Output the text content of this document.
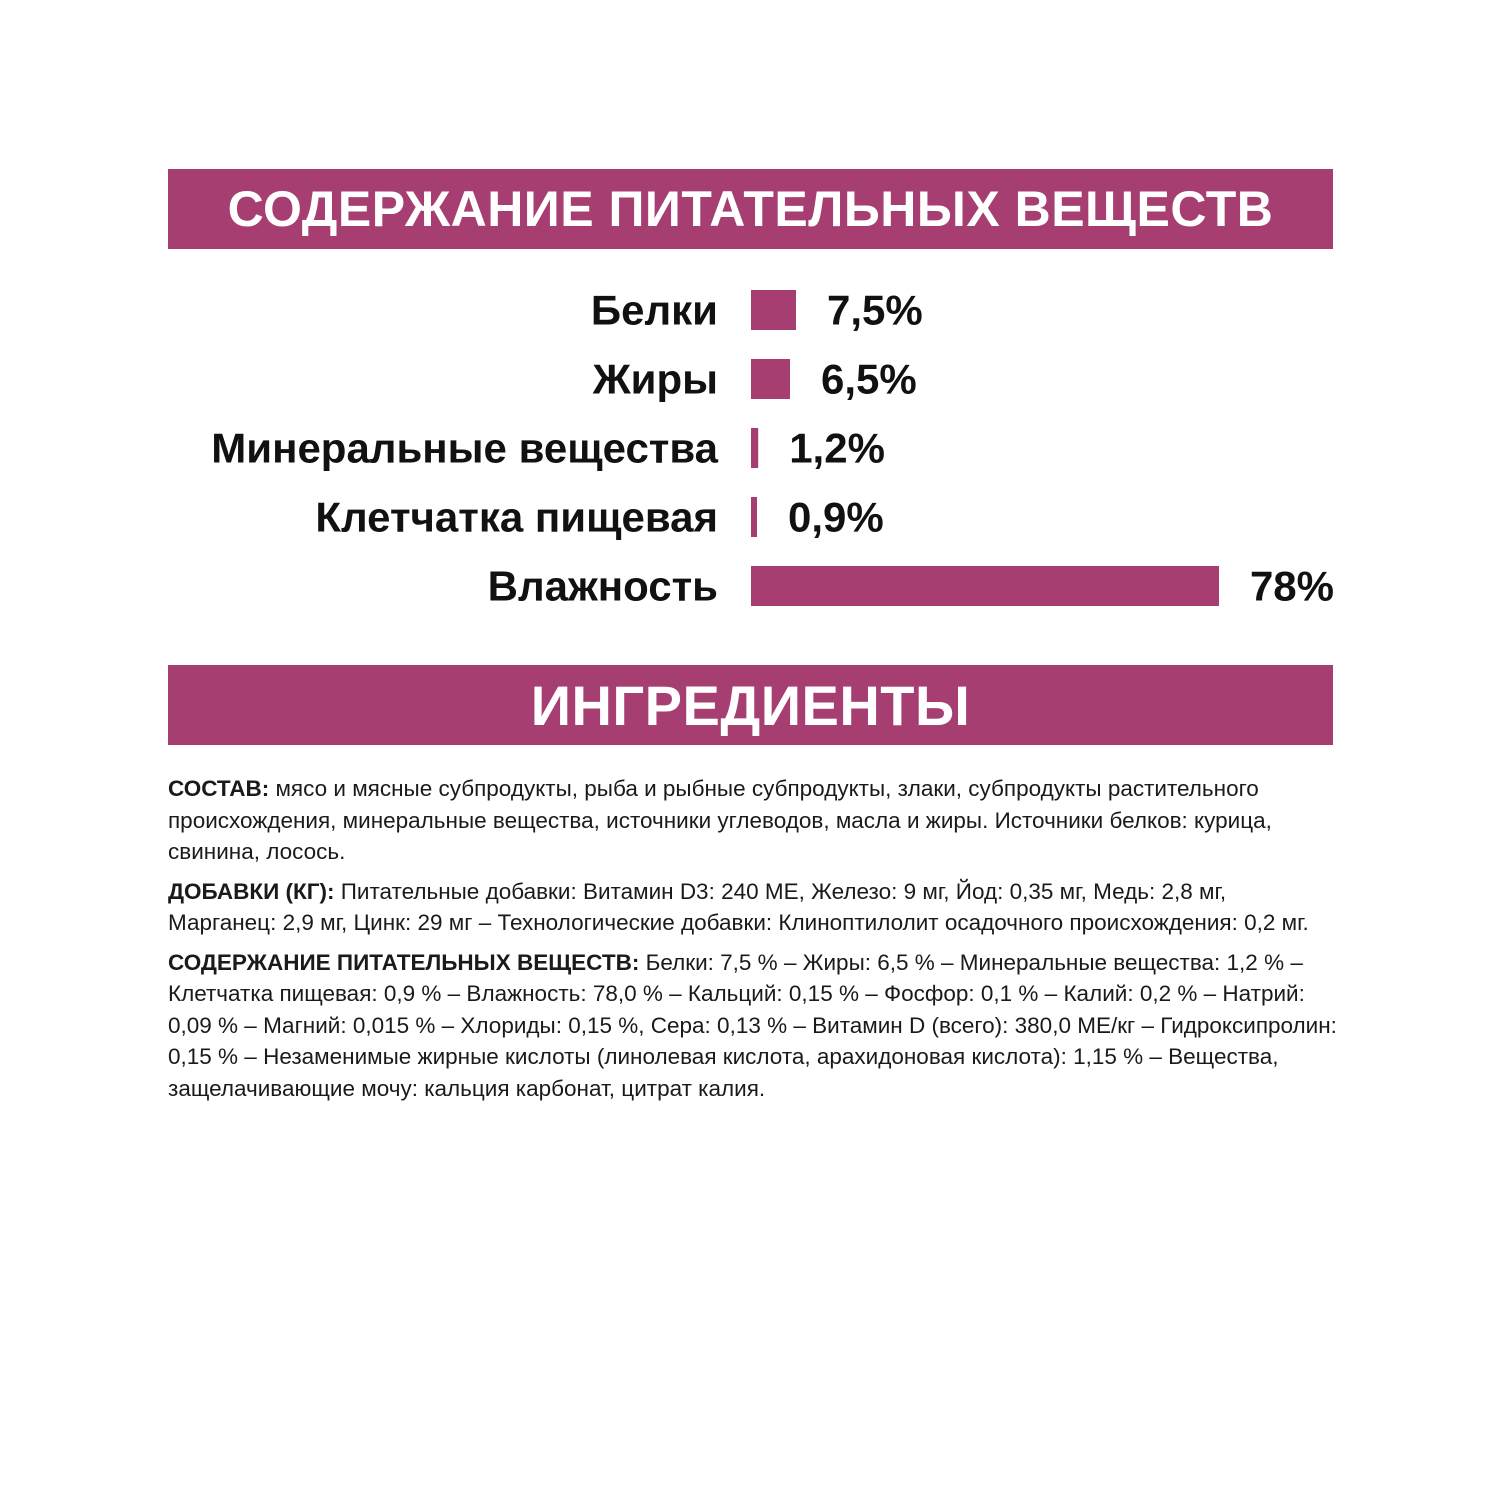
СОДЕРЖАНИЕ ПИТАТЕЛЬНЫХ ВЕЩЕСТВ
Белки	7,5%
Жиры 6,5%
Минеральные вещества 1,2%
Клетчатка пищевая 0,9%
Влажность	78%
ИНГРЕДИЕНТЫ

СОСТАВ: мясо и мясные субпродукты, рыба и рыбные субпродукты, злаки, субпродукты растительного происхождения, минеральные вещества, источники углеводов, масла и жиры. Источники белков: курица, свинина, лосось.

ДОБАВКИ (КГ): Питательные добавки: Витамин D3: 240 МЕ, Железо: 9 мг, Йод: 0,35 мг, Медь: 2,8 мг, Марганец: 2,9 мг, Цинк: 29 мг – Технологические добавки: Клиноптилолит осадочного происхождения: 0,2 мг.

СОДЕРЖАНИЕ ПИТАТЕЛЬНЫХ ВЕЩЕСТВ: Белки: 7,5 % – Жиры: 6,5 % – Минеральные вещества: 1,2 % – Клетчатка пищевая: 0,9 % – Влажность: 78,0 % – Кальций: 0,15 % – Фосфор: 0,1 % – Калий: 0,2 % – Натрий: 0,09 % – Магний: 0,015 % – Хлориды: 0,15 %, Сера: 0,13 % – Витамин D (всего): 380,0 МЕ/кг – Гидроксипролин: 0,15 % – Незаменимые жирные кислоты (линолевая кислота, арахидоновая кислота): 1,15 % – Вещества, защелачивающие мочу: кальция карбонат, цитрат калия.
